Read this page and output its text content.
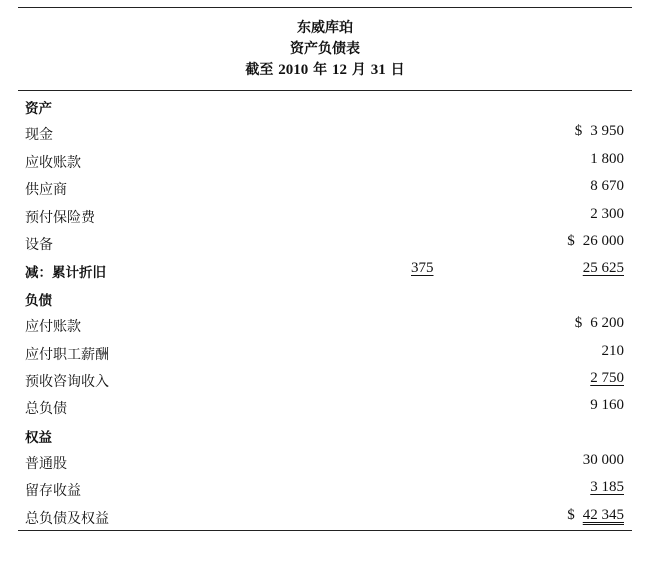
东威库珀
资产负债表
截至 2010 年 12 月 31 日
资产
现金	$ 3 950
应收账款	1 800
供应商	8 670
预付保险费	2 300
设备	$ 26 000
减：累计折旧	375	25 625
负债
应付账款	$ 6 200
应付职工薪酬	210
预收咨询收入	2 750
总负债	9 160
权益
普通股	30 000
留存收益	3 185
总负债及权益	$ 42 345
